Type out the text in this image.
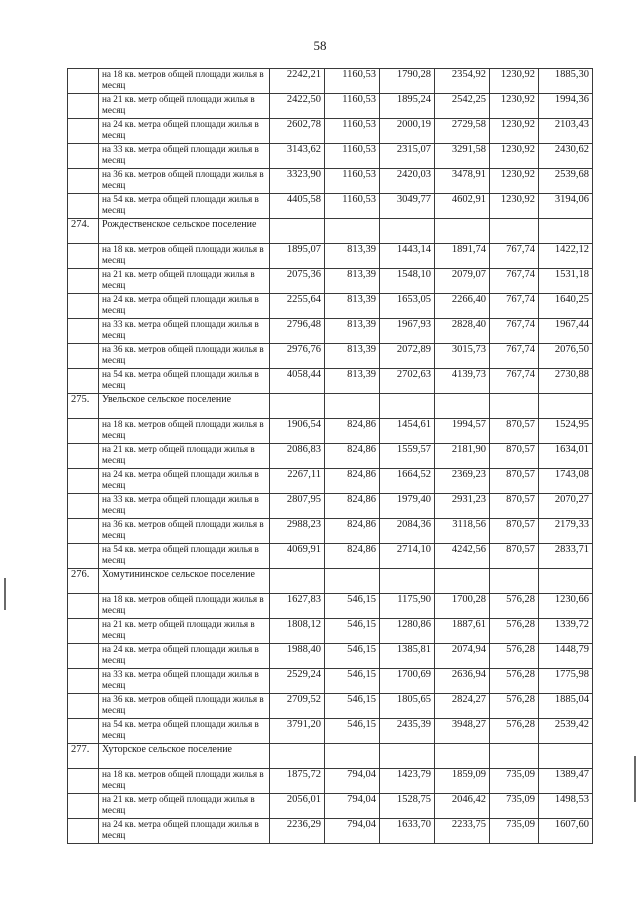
58
	на 18 кв. метров общей площади жилья в месяц	2242,21	1160,53	1790,28	2354,92	1230,92	1885,30
	на 21 кв. метр общей площади жилья в месяц	2422,50	1160,53	1895,24	2542,25	1230,92	1994,36
	на 24 кв. метра общей площади жилья в месяц	2602,78	1160,53	2000,19	2729,58	1230,92	2103,43
	на 33 кв. метра общей площади жилья в месяц	3143,62	1160,53	2315,07	3291,58	1230,92	2430,62
	на 36 кв. метров общей площади жилья в месяц	3323,90	1160,53	2420,03	3478,91	1230,92	2539,68
	на 54 кв. метра общей площади жилья в месяц	4405,58	1160,53	3049,77	4602,91	1230,92	3194,06
274.	Рождественское сельское поселение						
	на 18 кв. метров общей площади жилья в месяц	1895,07	813,39	1443,14	1891,74	767,74	1422,12
	на 21 кв. метр общей площади жилья в месяц	2075,36	813,39	1548,10	2079,07	767,74	1531,18
	на 24 кв. метра общей площади жилья в месяц	2255,64	813,39	1653,05	2266,40	767,74	1640,25
	на 33 кв. метра общей площади жилья в месяц	2796,48	813,39	1967,93	2828,40	767,74	1967,44
	на 36 кв. метров общей площади жилья в месяц	2976,76	813,39	2072,89	3015,73	767,74	2076,50
	на 54 кв. метра общей площади жилья в месяц	4058,44	813,39	2702,63	4139,73	767,74	2730,88
275.	Увельское сельское поселение						
	на 18 кв. метров общей площади жилья в месяц	1906,54	824,86	1454,61	1994,57	870,57	1524,95
	на 21 кв. метр общей площади жилья в месяц	2086,83	824,86	1559,57	2181,90	870,57	1634,01
	на 24 кв. метра общей площади жилья в месяц	2267,11	824,86	1664,52	2369,23	870,57	1743,08
	на 33 кв. метра общей площади жилья в месяц	2807,95	824,86	1979,40	2931,23	870,57	2070,27
	на 36 кв. метров общей площади жилья в месяц	2988,23	824,86	2084,36	3118,56	870,57	2179,33
	на 54 кв. метра общей площади жилья в месяц	4069,91	824,86	2714,10	4242,56	870,57	2833,71
276.	Хомутининское сельское поселение						
	на 18 кв. метров общей площади жилья в месяц	1627,83	546,15	1175,90	1700,28	576,28	1230,66
	на 21 кв. метр общей площади жилья в месяц	1808,12	546,15	1280,86	1887,61	576,28	1339,72
	на 24 кв. метра общей площади жилья в месяц	1988,40	546,15	1385,81	2074,94	576,28	1448,79
	на 33 кв. метра общей площади жилья в месяц	2529,24	546,15	1700,69	2636,94	576,28	1775,98
	на 36 кв. метров общей площади жилья в месяц	2709,52	546,15	1805,65	2824,27	576,28	1885,04
	на 54 кв. метра общей площади жилья в месяц	3791,20	546,15	2435,39	3948,27	576,28	2539,42
277.	Хуторское сельское поселение						
	на 18 кв. метров общей площади жилья в месяц	1875,72	794,04	1423,79	1859,09	735,09	1389,47
	на 21 кв. метр общей площади жилья в месяц	2056,01	794,04	1528,75	2046,42	735,09	1498,53
	на 24 кв. метра общей площади жилья в месяц	2236,29	794,04	1633,70	2233,75	735,09	1607,60
